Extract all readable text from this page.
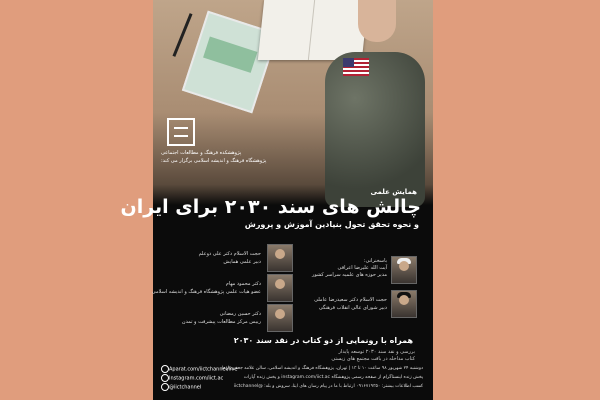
پژوهشکده فرهنگ و مطالعات اجتماعی
پژوهشگاه فرهنگ و اندیشه اسلامی برگزار می کند:
همایش علمی
چالش های سند ۲۰۳۰ برای ایران
و نحوه تحقق تحول بنیادین آموزش و پرورش
حجت الاسلام دکتر علی ذوعلم
دبیر علمی همایش
دکتر محمود مهام
عضو هیات علمی پژوهشگاه فرهنگ و اندیشه اسلامی
دکتر حسین رمضانی
رییس مرکز مطالعات پیشرفت و تمدن
باسخنرانی:
آیت الله علیرضا اعرافی
مدیر حوزه های علمیه سراسر کشور
حجت الاسلام دکتر سعیدرضا عاملی
دبیر شورای عالی انقلاب فرهنگی
همراه با رونمایی از دو کتاب در نقد سند ۲۰۳۰
بررسی و نقد سند ۲۰۳۰ توسعه پایدار
کتاب مداخله در بافت مجتمع های زیستی
دوشنبه ۲۴ شهریور ۹۸ ساعت ۱۰ تا ۱۳ | تهران، پژوهشگاه فرهنگ و اندیشه اسلامی، سالن علامه جعفری(ره)
پخش زنده اینستاگرام از صفحه رسمی پژوهشگاه instagram.com/iict.ac و پخش زنده آپارات
کسب اطلاعات بیشتر: ۰۹۱۶۷۱۹۳۵۰ ارتباط با ما در پیام رسان های ایتا، سروش و بله: @iictchannel
Aparat.com/iictchannel/live
Instagram.com/iict.ac
@iictchannel
